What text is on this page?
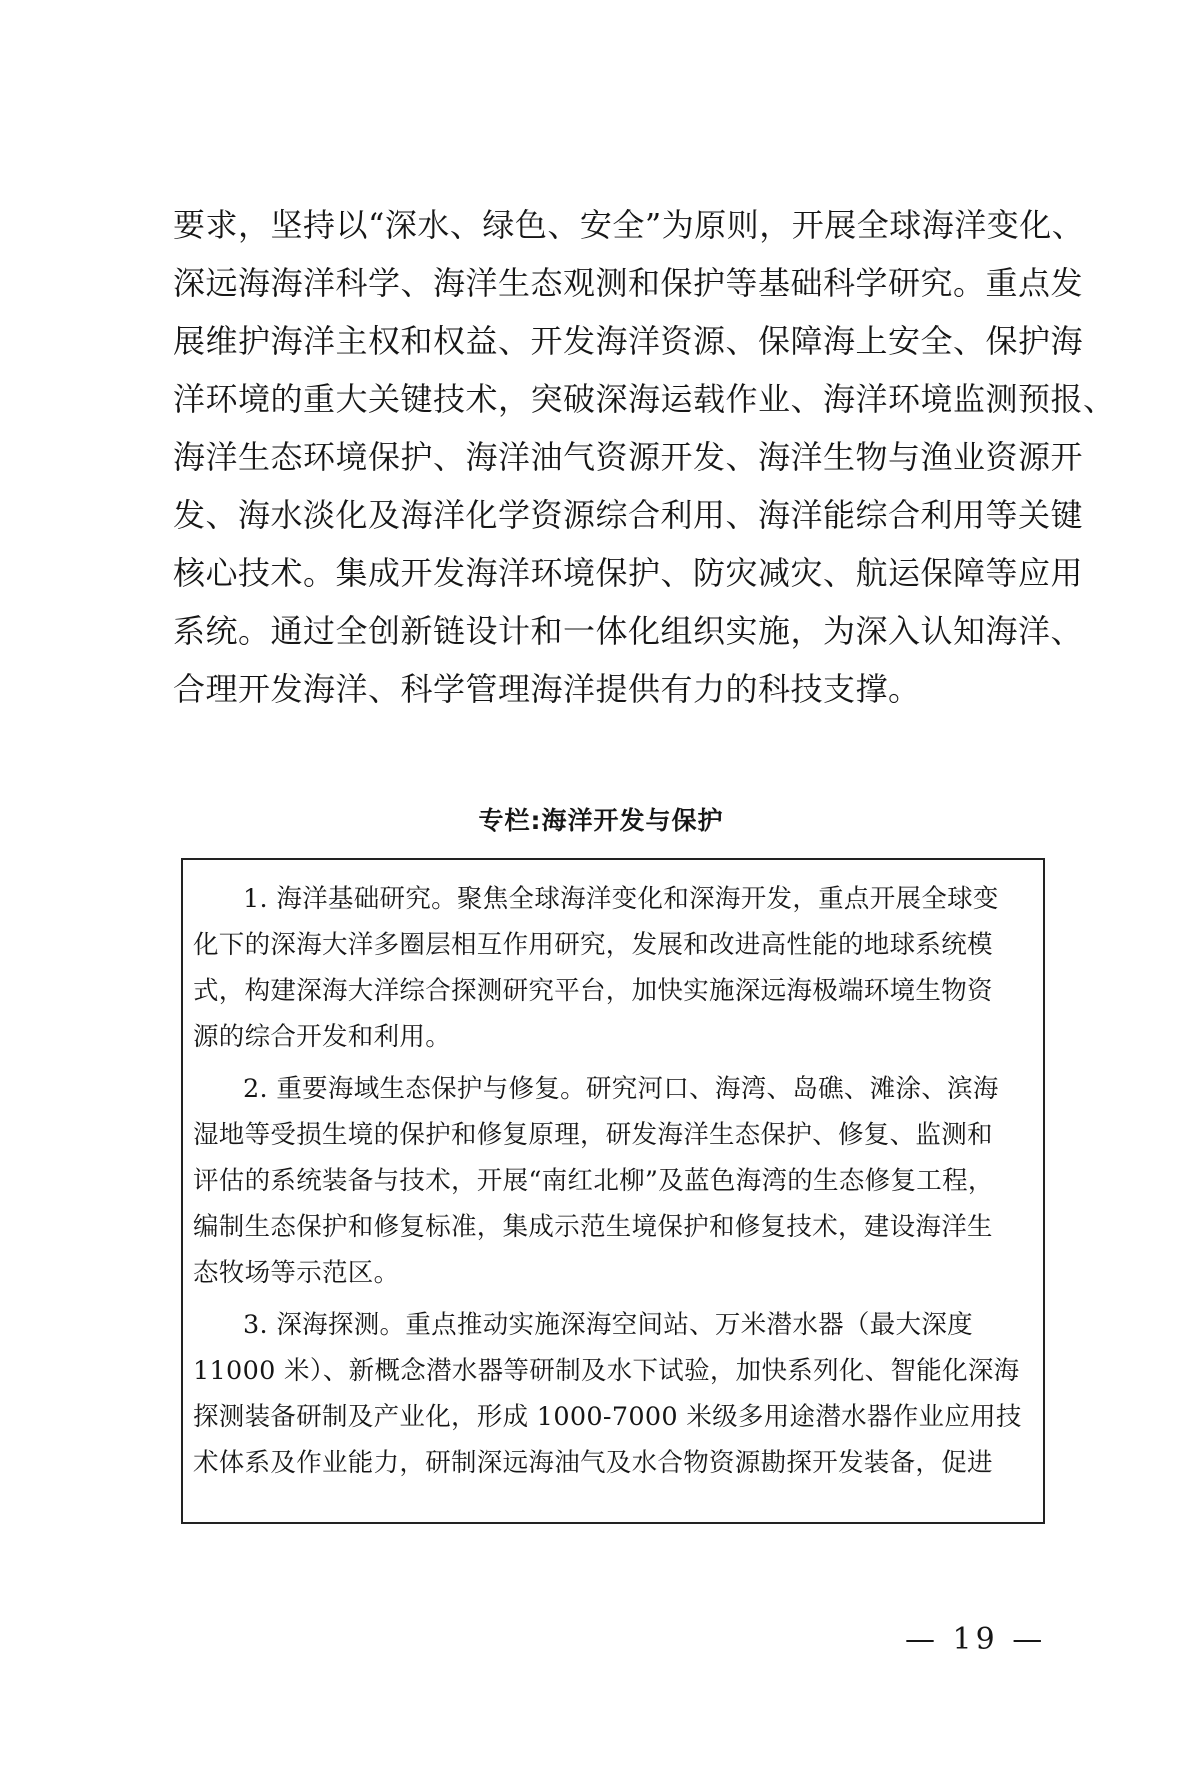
要求，坚持以“深水、绿色、安全”为原则，开展全球海洋变化、
深远海海洋科学、海洋生态观测和保护等基础科学研究。重点发
展维护海洋主权和权益、开发海洋资源、保障海上安全、保护海
洋环境的重大关键技术，突破深海运载作业、海洋环境监测预报、
海洋生态环境保护、海洋油气资源开发、海洋生物与渔业资源开
发、海水淡化及海洋化学资源综合利用、海洋能综合利用等关键
核心技术。集成开发海洋环境保护、防灾减灾、航运保障等应用
系统。通过全创新链设计和一体化组织实施，为深入认知海洋、
合理开发海洋、科学管理海洋提供有力的科技支撑。
专栏:海洋开发与保护
1. 海洋基础研究。聚焦全球海洋变化和深海开发，重点开展全球变
化下的深海大洋多圈层相互作用研究，发展和改进高性能的地球系统模
式，构建深海大洋综合探测研究平台，加快实施深远海极端环境生物资
源的综合开发和利用。
2. 重要海域生态保护与修复。研究河口、海湾、岛礁、滩涂、滨海
湿地等受损生境的保护和修复原理，研发海洋生态保护、修复、监测和
评估的系统装备与技术，开展“南红北柳”及蓝色海湾的生态修复工程，
编制生态保护和修复标准，集成示范生境保护和修复技术，建设海洋生
态牧场等示范区。
3. 深海探测。重点推动实施深海空间站、万米潜水器（最大深度
11000 米）、新概念潜水器等研制及水下试验，加快系列化、智能化深海
探测装备研制及产业化，形成 1000-7000 米级多用途潜水器作业应用技
术体系及作业能力，研制深远海油气及水合物资源勘探开发装备，促进
— 19 —
